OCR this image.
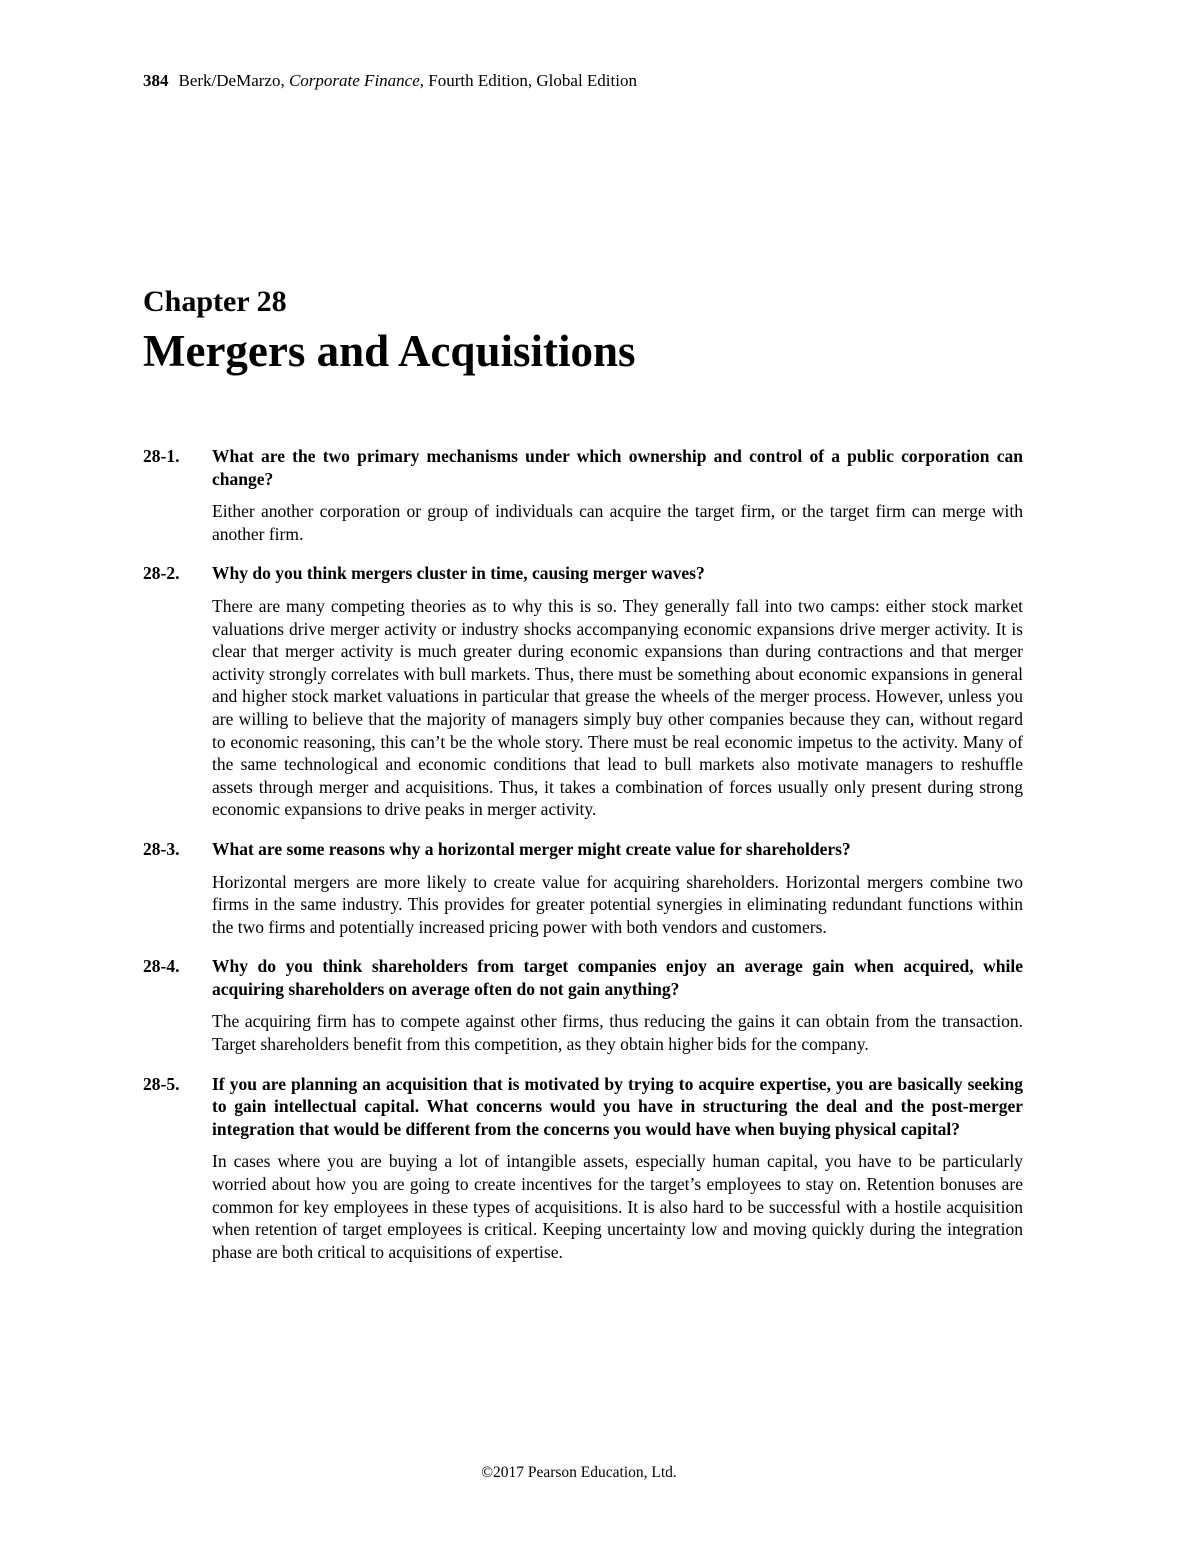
384 Berk/DeMarzo, Corporate Finance, Fourth Edition, Global Edition
Chapter 28
Mergers and Acquisitions
28-1. What are the two primary mechanisms under which ownership and control of a public corporation can change?

Either another corporation or group of individuals can acquire the target firm, or the target firm can merge with another firm.

28-2. Why do you think mergers cluster in time, causing merger waves?

There are many competing theories as to why this is so. They generally fall into two camps: either stock market valuations drive merger activity or industry shocks accompanying economic expansions drive merger activity. It is clear that merger activity is much greater during economic expansions than during contractions and that merger activity strongly correlates with bull markets. Thus, there must be something about economic expansions in general and higher stock market valuations in particular that grease the wheels of the merger process. However, unless you are willing to believe that the majority of managers simply buy other companies because they can, without regard to economic reasoning, this can’t be the whole story. There must be real economic impetus to the activity. Many of the same technological and economic conditions that lead to bull markets also motivate managers to reshuffle assets through merger and acquisitions. Thus, it takes a combination of forces usually only present during strong economic expansions to drive peaks in merger activity.

28-3. What are some reasons why a horizontal merger might create value for shareholders?

Horizontal mergers are more likely to create value for acquiring shareholders. Horizontal mergers combine two firms in the same industry. This provides for greater potential synergies in eliminating redundant functions within the two firms and potentially increased pricing power with both vendors and customers.

28-4. Why do you think shareholders from target companies enjoy an average gain when acquired, while acquiring shareholders on average often do not gain anything?

The acquiring firm has to compete against other firms, thus reducing the gains it can obtain from the transaction. Target shareholders benefit from this competition, as they obtain higher bids for the company.

28-5. If you are planning an acquisition that is motivated by trying to acquire expertise, you are basically seeking to gain intellectual capital. What concerns would you have in structuring the deal and the post-merger integration that would be different from the concerns you would have when buying physical capital?

In cases where you are buying a lot of intangible assets, especially human capital, you have to be particularly worried about how you are going to create incentives for the target’s employees to stay on. Retention bonuses are common for key employees in these types of acquisitions. It is also hard to be successful with a hostile acquisition when retention of target employees is critical. Keeping uncertainty low and moving quickly during the integration phase are both critical to acquisitions of expertise.

©2017 Pearson Education, Ltd.
